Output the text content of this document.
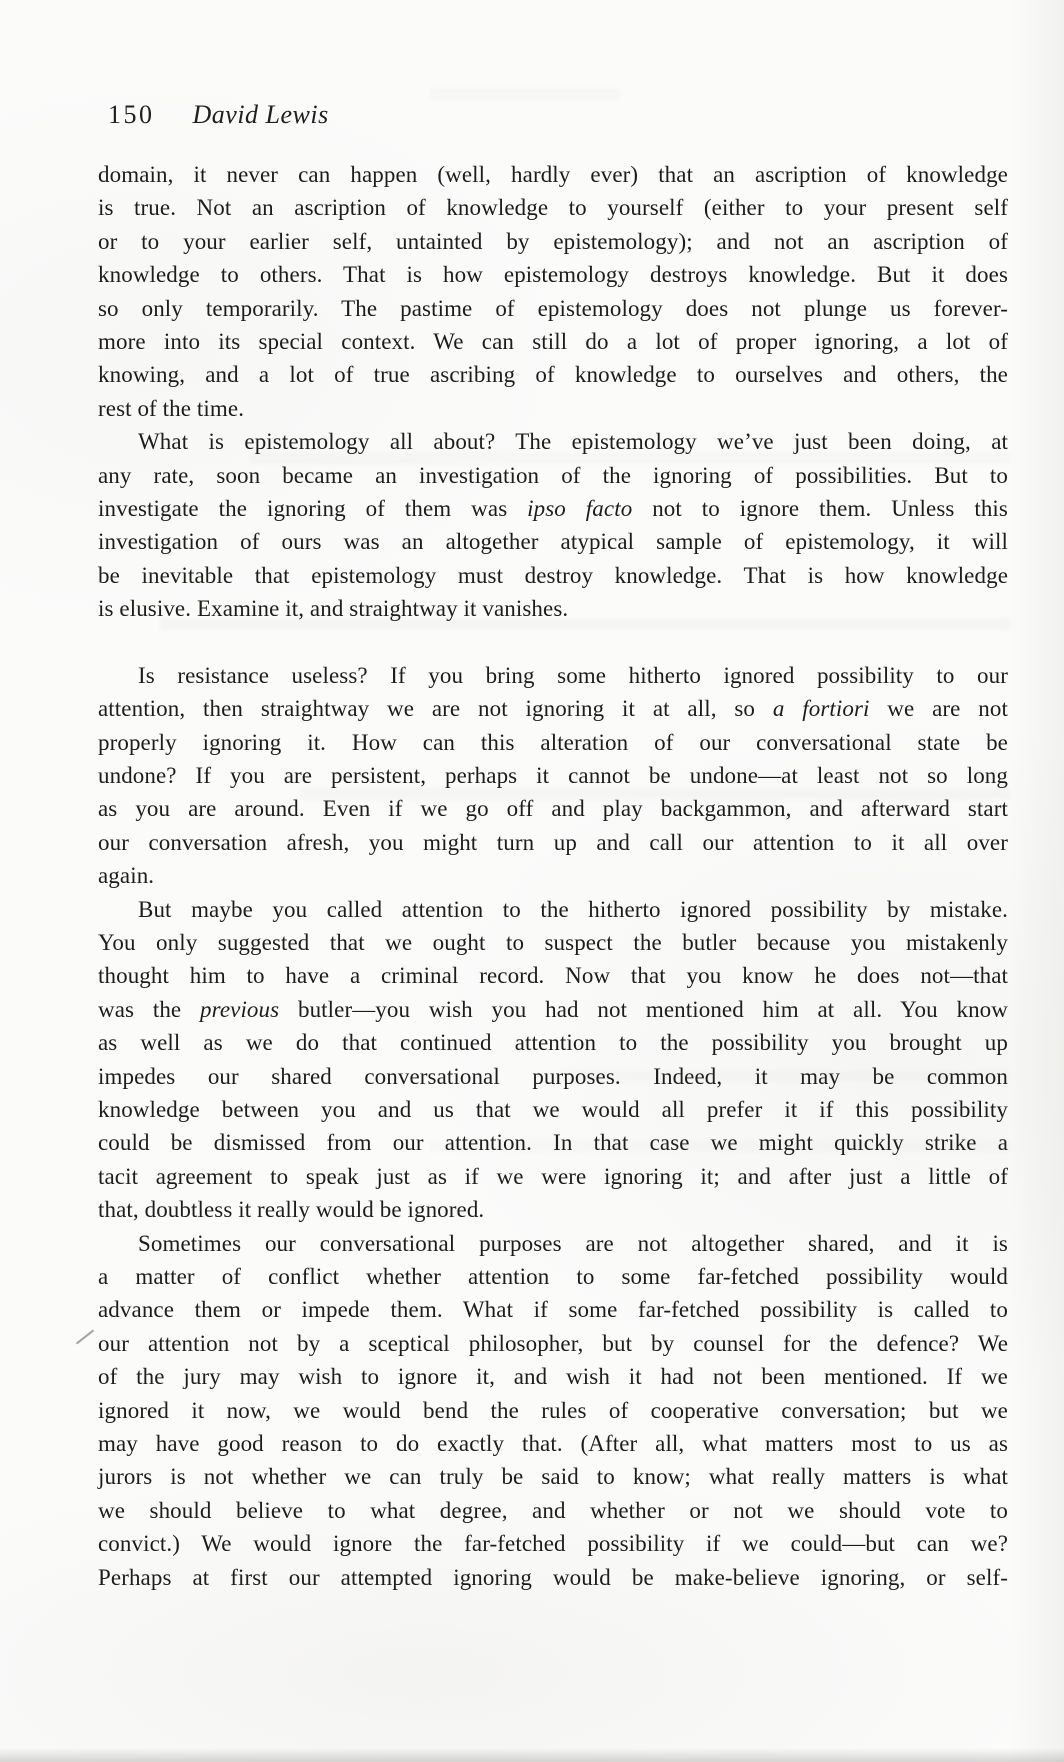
150 David Lewis
domain, it never can happen (well, hardly ever) that an ascription of knowledge
is true. Not an ascription of knowledge to yourself (either to your present self
or to your earlier self, untainted by epistemology); and not an ascription of
knowledge to others. That is how epistemology destroys knowledge. But it does
so only temporarily. The pastime of epistemology does not plunge us forever-
more into its special context. We can still do a lot of proper ignoring, a lot of
knowing, and a lot of true ascribing of knowledge to ourselves and others, the
rest of the time.
What is epistemology all about? The epistemology we’ve just been doing, at
any rate, soon became an investigation of the ignoring of possibilities. But to
investigate the ignoring of them was ipso facto not to ignore them. Unless this
investigation of ours was an altogether atypical sample of epistemology, it will
be inevitable that epistemology must destroy knowledge. That is how knowledge
is elusive. Examine it, and straightway it vanishes.
Is resistance useless? If you bring some hitherto ignored possibility to our
attention, then straightway we are not ignoring it at all, so a fortiori we are not
properly ignoring it. How can this alteration of our conversational state be
undone? If you are persistent, perhaps it cannot be undone—at least not so long
as you are around. Even if we go off and play backgammon, and afterward start
our conversation afresh, you might turn up and call our attention to it all over
again.
But maybe you called attention to the hitherto ignored possibility by mistake.
You only suggested that we ought to suspect the butler because you mistakenly
thought him to have a criminal record. Now that you know he does not—that
was the previous butler—you wish you had not mentioned him at all. You know
as well as we do that continued attention to the possibility you brought up
impedes our shared conversational purposes. Indeed, it may be common
knowledge between you and us that we would all prefer it if this possibility
could be dismissed from our attention. In that case we might quickly strike a
tacit agreement to speak just as if we were ignoring it; and after just a little of
that, doubtless it really would be ignored.
Sometimes our conversational purposes are not altogether shared, and it is
a matter of conflict whether attention to some far-fetched possibility would
advance them or impede them. What if some far-fetched possibility is called to
our attention not by a sceptical philosopher, but by counsel for the defence? We
of the jury may wish to ignore it, and wish it had not been mentioned. If we
ignored it now, we would bend the rules of cooperative conversation; but we
may have good reason to do exactly that. (After all, what matters most to us as
jurors is not whether we can truly be said to know; what really matters is what
we should believe to what degree, and whether or not we should vote to
convict.) We would ignore the far-fetched possibility if we could—but can we?
Perhaps at first our attempted ignoring would be make-believe ignoring, or self-
